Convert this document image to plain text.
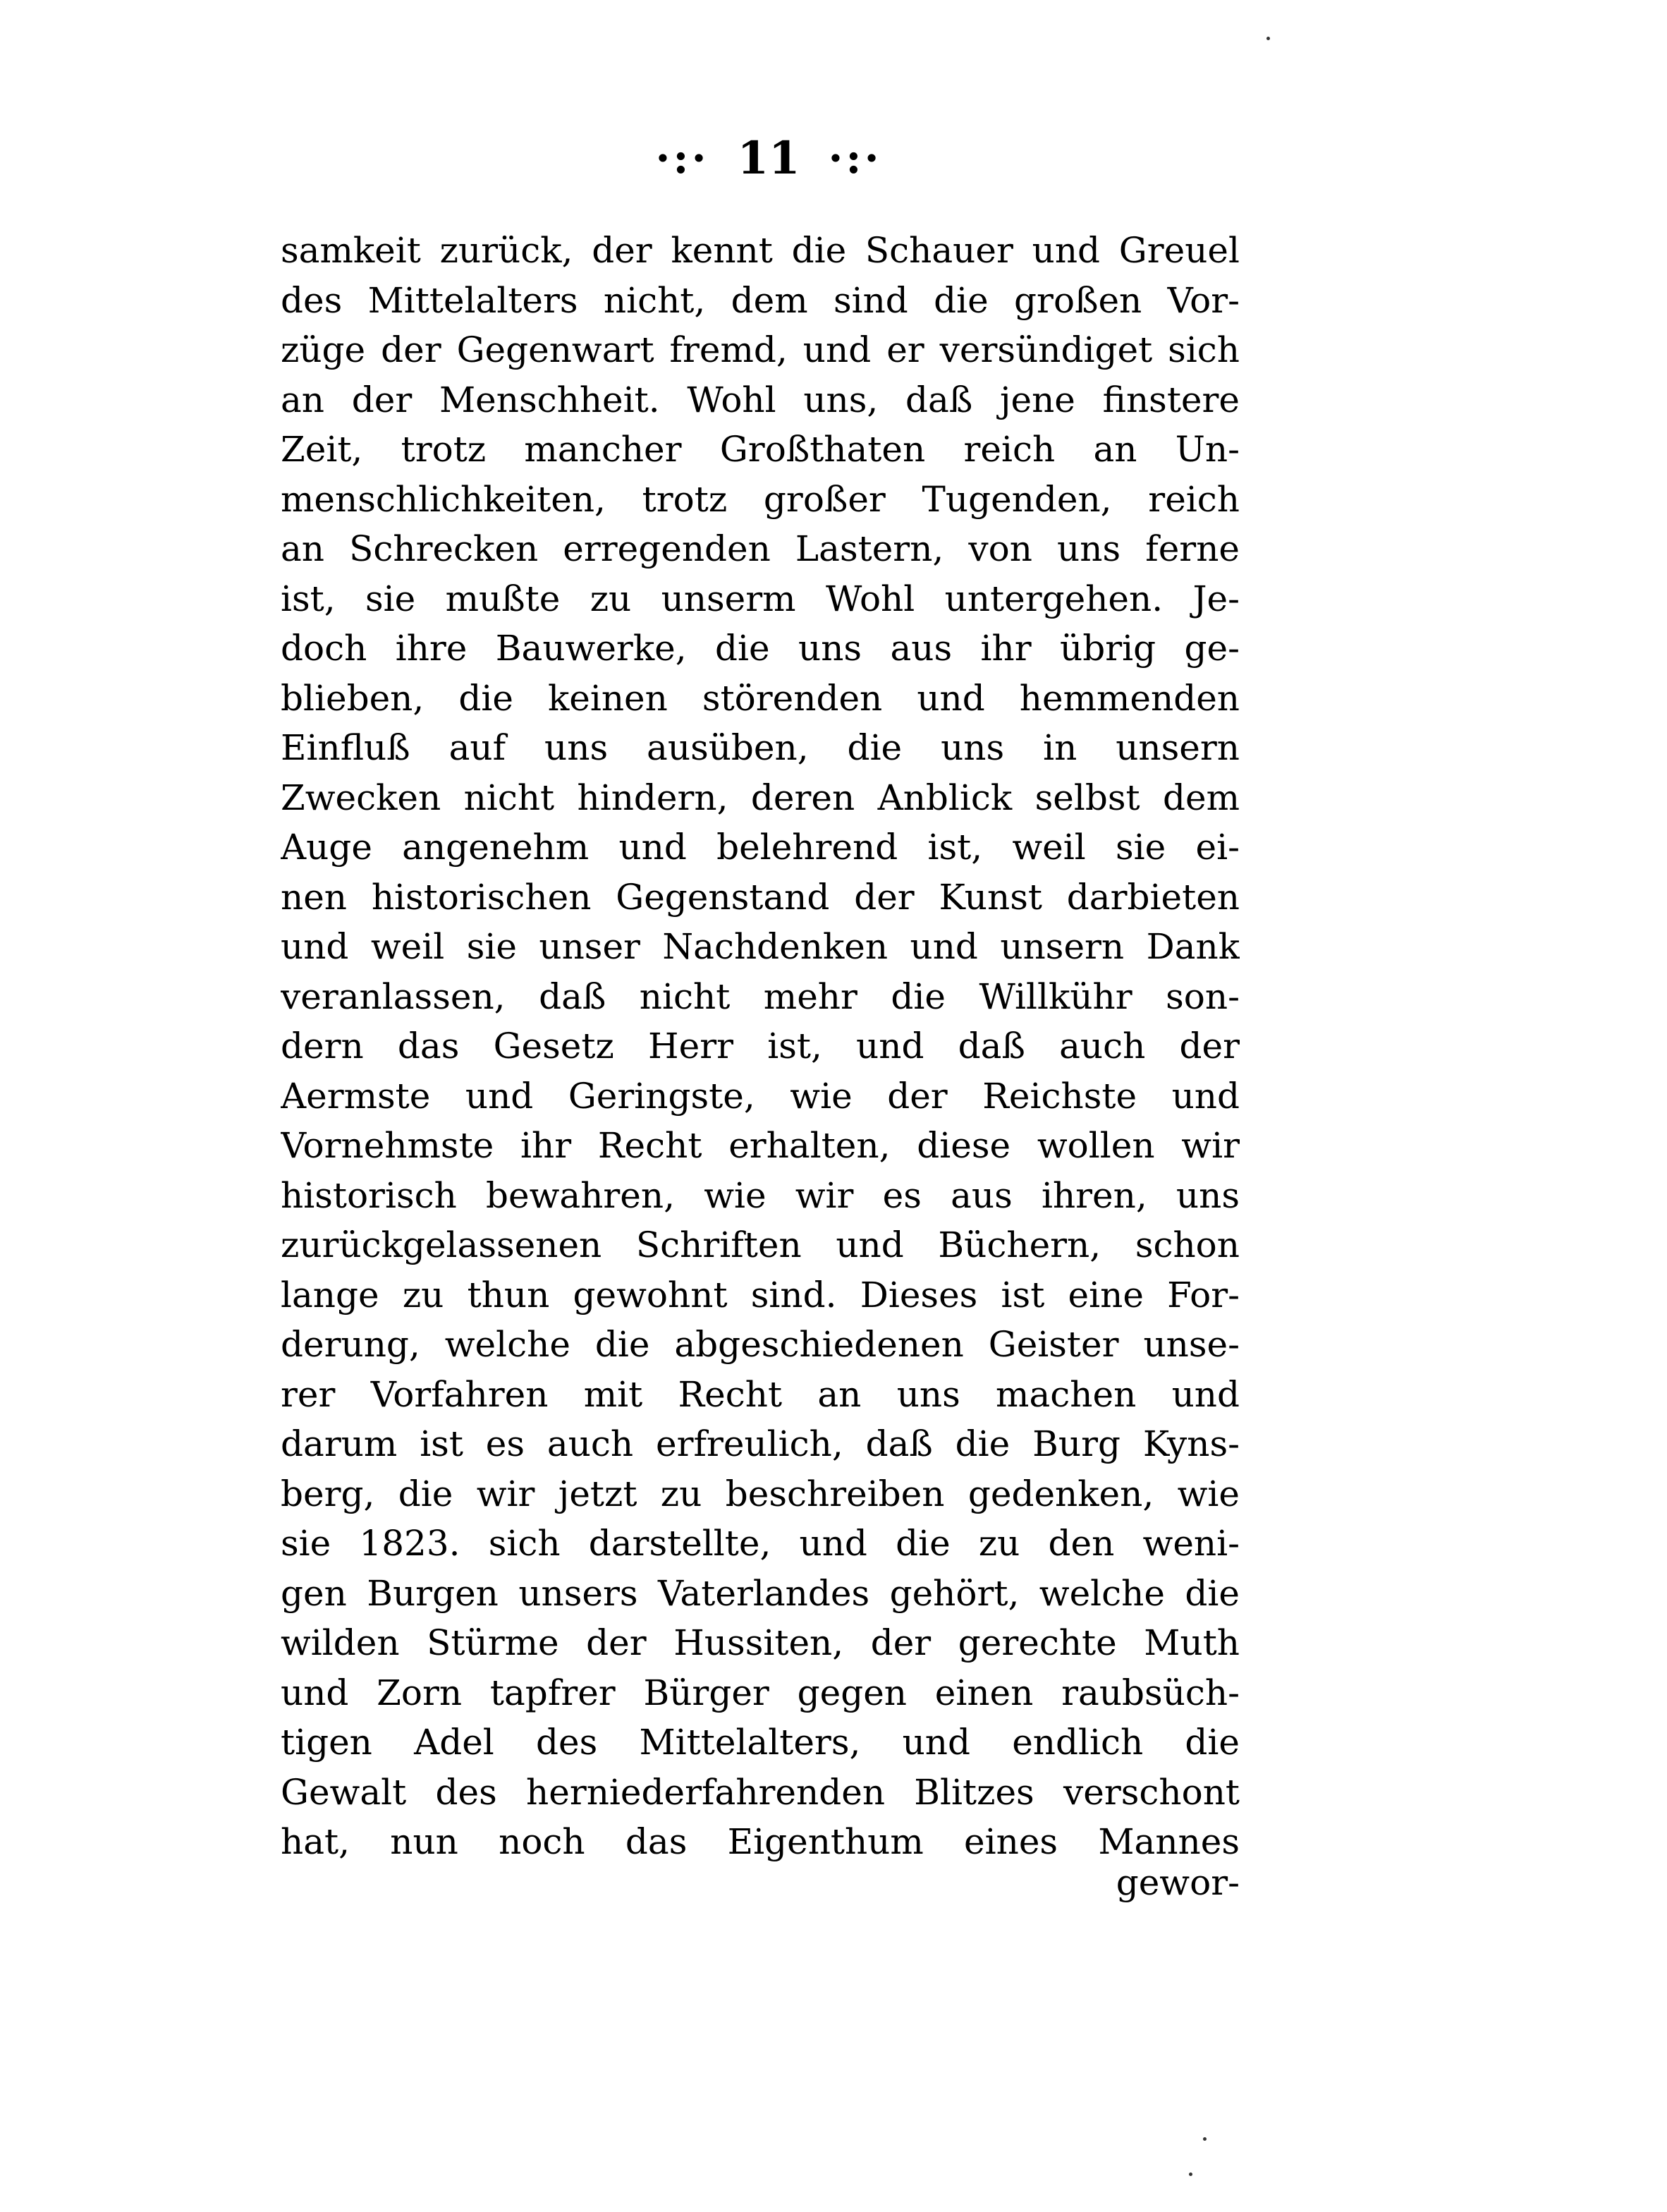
·:· 11 ·:·
samkeit zurück, der kennt die Schauer und Greuel
des Mittelalters nicht, dem sind die großen Vor-
züge der Gegenwart fremd, und er versündiget sich
an der Menschheit. Wohl uns, daß jene finstere
Zeit, trotz mancher Großthaten reich an Un-
menschlichkeiten, trotz großer Tugenden, reich
an Schrecken erregenden Lastern, von uns ferne
ist, sie mußte zu unserm Wohl untergehen. Je-
doch ihre Bauwerke, die uns aus ihr übrig ge-
blieben, die keinen störenden und hemmenden
Einfluß auf uns ausüben, die uns in unsern
Zwecken nicht hindern, deren Anblick selbst dem
Auge angenehm und belehrend ist, weil sie ei-
nen historischen Gegenstand der Kunst darbieten
und weil sie unser Nachdenken und unsern Dank
veranlassen, daß nicht mehr die Willkühr son-
dern das Gesetz Herr ist, und daß auch der
Aermste und Geringste, wie der Reichste und
Vornehmste ihr Recht erhalten, diese wollen wir
historisch bewahren, wie wir es aus ihren, uns
zurückgelassenen Schriften und Büchern, schon
lange zu thun gewohnt sind. Dieses ist eine For-
derung, welche die abgeschiedenen Geister unse-
rer Vorfahren mit Recht an uns machen und
darum ist es auch erfreulich, daß die Burg Kyns-
berg, die wir jetzt zu beschreiben gedenken, wie
sie 1823. sich darstellte, und die zu den weni-
gen Burgen unsers Vaterlandes gehört, welche die
wilden Stürme der Hussiten, der gerechte Muth
und Zorn tapfrer Bürger gegen einen raubsüch-
tigen Adel des Mittelalters, und endlich die
Gewalt des herniederfahrenden Blitzes verschont
hat, nun noch das Eigenthum eines Mannes
gewor-
